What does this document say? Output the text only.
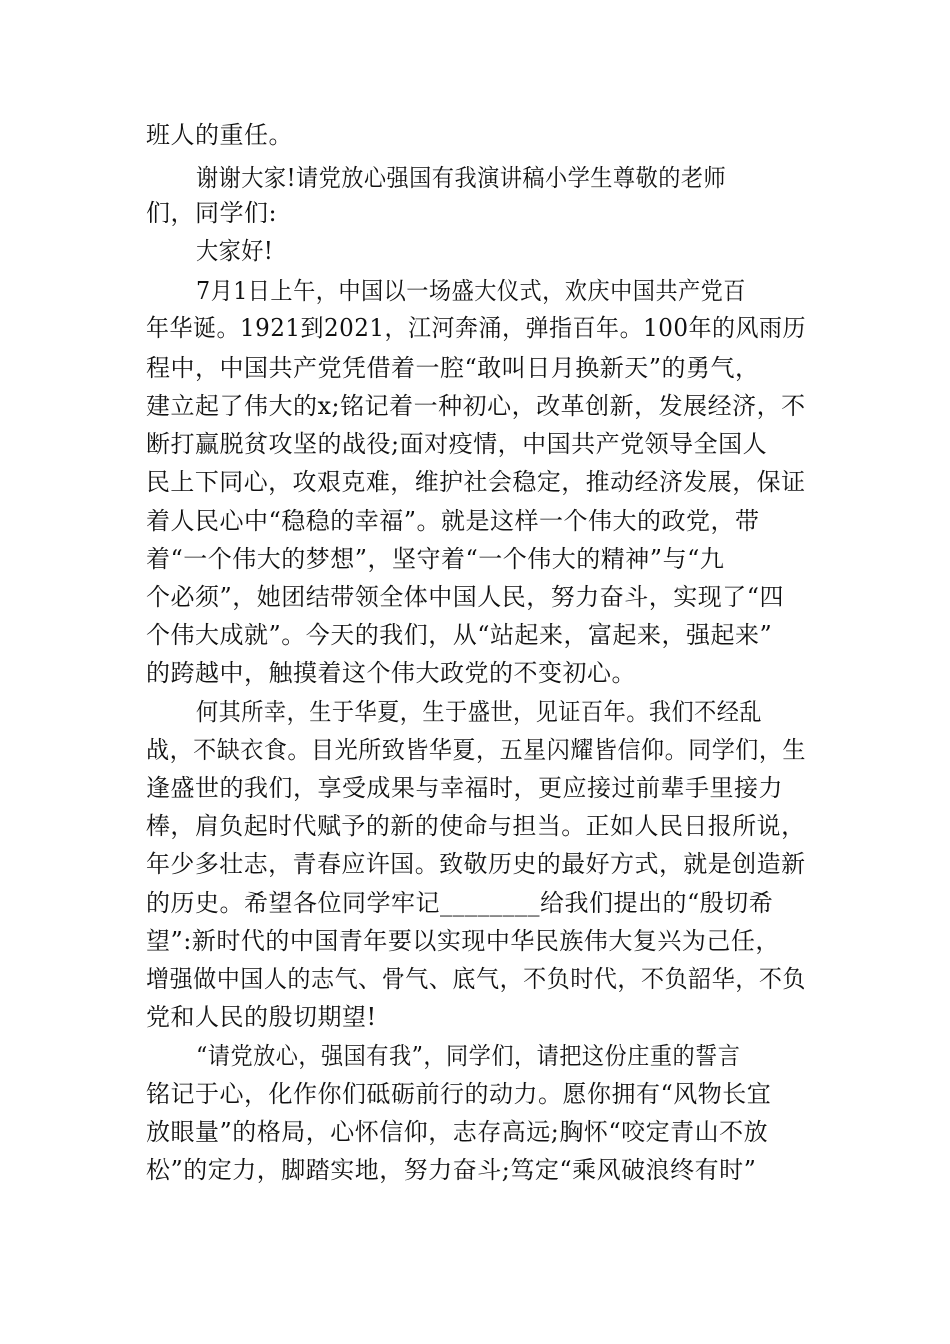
班人的重任。
谢谢大家!请党放心强国有我演讲稿小学生尊敬的老师
们，同学们:
大家好!
7月1日上午，中国以一场盛大仪式，欢庆中国共产党百
年华诞。1921到2021，江河奔涌，弹指百年。100年的风雨历
程中，中国共产党凭借着一腔“敢叫日月换新天”的勇气，
建立起了伟大的x;铭记着一种初心，改革创新，发展经济，不
断打赢脱贫攻坚的战役;面对疫情，中国共产党领导全国人
民上下同心，攻艰克难，维护社会稳定，推动经济发展，保证
着人民心中“稳稳的幸福”。就是这样一个伟大的政党，带
着“一个伟大的梦想”，坚守着“一个伟大的精神”与“九
个必须”，她团结带领全体中国人民，努力奋斗，实现了“四
个伟大成就”。今天的我们，从“站起来，富起来，强起来”
的跨越中，触摸着这个伟大政党的不变初心。
何其所幸，生于华夏，生于盛世，见证百年。我们不经乱
战，不缺衣食。目光所致皆华夏，五星闪耀皆信仰。同学们，生
逢盛世的我们，享受成果与幸福时，更应接过前辈手里接力
棒，肩负起时代赋予的新的使命与担当。正如人民日报所说，
年少多壮志，青春应许国。致敬历史的最好方式，就是创造新
的历史。希望各位同学牢记________给我们提出的“殷切希
望”:新时代的中国青年要以实现中华民族伟大复兴为己任，
增强做中国人的志气、骨气、底气，不负时代，不负韶华，不负
党和人民的殷切期望!
“请党放心，强国有我”，同学们，请把这份庄重的誓言
铭记于心，化作你们砥砺前行的动力。愿你拥有“风物长宜
放眼量”的格局，心怀信仰，志存高远;胸怀“咬定青山不放
松”的定力，脚踏实地，努力奋斗;笃定“乘风破浪终有时”
